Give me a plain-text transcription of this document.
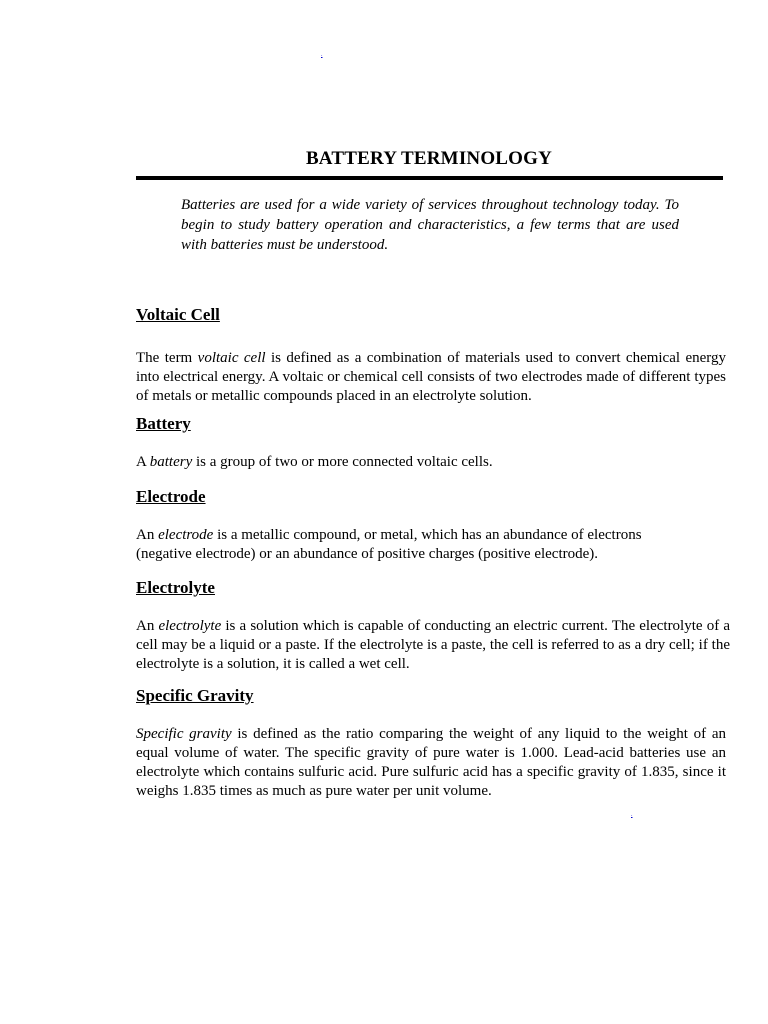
.
BATTERY TERMINOLOGY

Batteries are used for a wide variety of services throughout technology today. To begin to study battery operation and characteristics, a few terms that are used with batteries must be understood.

Voltaic Cell

The term voltaic cell is defined as a combination of materials used to convert chemical energy into electrical energy. A voltaic or chemical cell consists of two electrodes made of different types of metals or metallic compounds placed in an electrolyte solution.

Battery

A battery is a group of two or more connected voltaic cells.

Electrode

An electrode is a metallic compound, or metal, which has an abundance of electrons (negative electrode) or an abundance of positive charges (positive electrode).

Electrolyte

An electrolyte is a solution which is capable of conducting an electric current. The electrolyte of a cell may be a liquid or a paste. If the electrolyte is a paste, the cell is referred to as a dry cell; if the electrolyte is a solution, it is called a wet cell.

Specific Gravity

Specific gravity is defined as the ratio comparing the weight of any liquid to the weight of an equal volume of water. The specific gravity of pure water is 1.000. Lead-acid batteries use an electrolyte which contains sulfuric acid. Pure sulfuric acid has a specific gravity of 1.835, since it weighs 1.835 times as much as pure water per unit volume.

.
